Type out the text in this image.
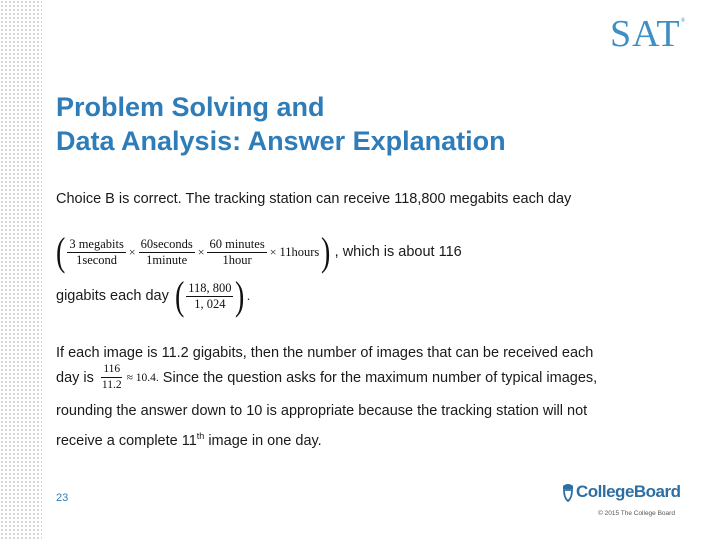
SAT®
Problem Solving and
Data Analysis: Answer Explanation
Choice B is correct. The tracking station can receive 118,800 megabits each day
( $\frac{\text{3 megabits}}{\text{1second}} \times \frac{\text{60seconds}}{\text{1minute}} \times \frac{\text{60 minutes}}{\text{1hour}}$ × 11hours ) , which is about 116
gigabits each day ( $\frac{118, 800}{1, 024}$ ) .
If each image is 11.2 gigabits, then the number of images that can be received each
day is $\frac{116}{11.2} \approx 10.4$. Since the question asks for the maximum number of typical images,
rounding the answer down to 10 is appropriate because the tracking station will not
receive a complete 11th image in one day.
23	CollegeBoard
© 2015 The College Board
